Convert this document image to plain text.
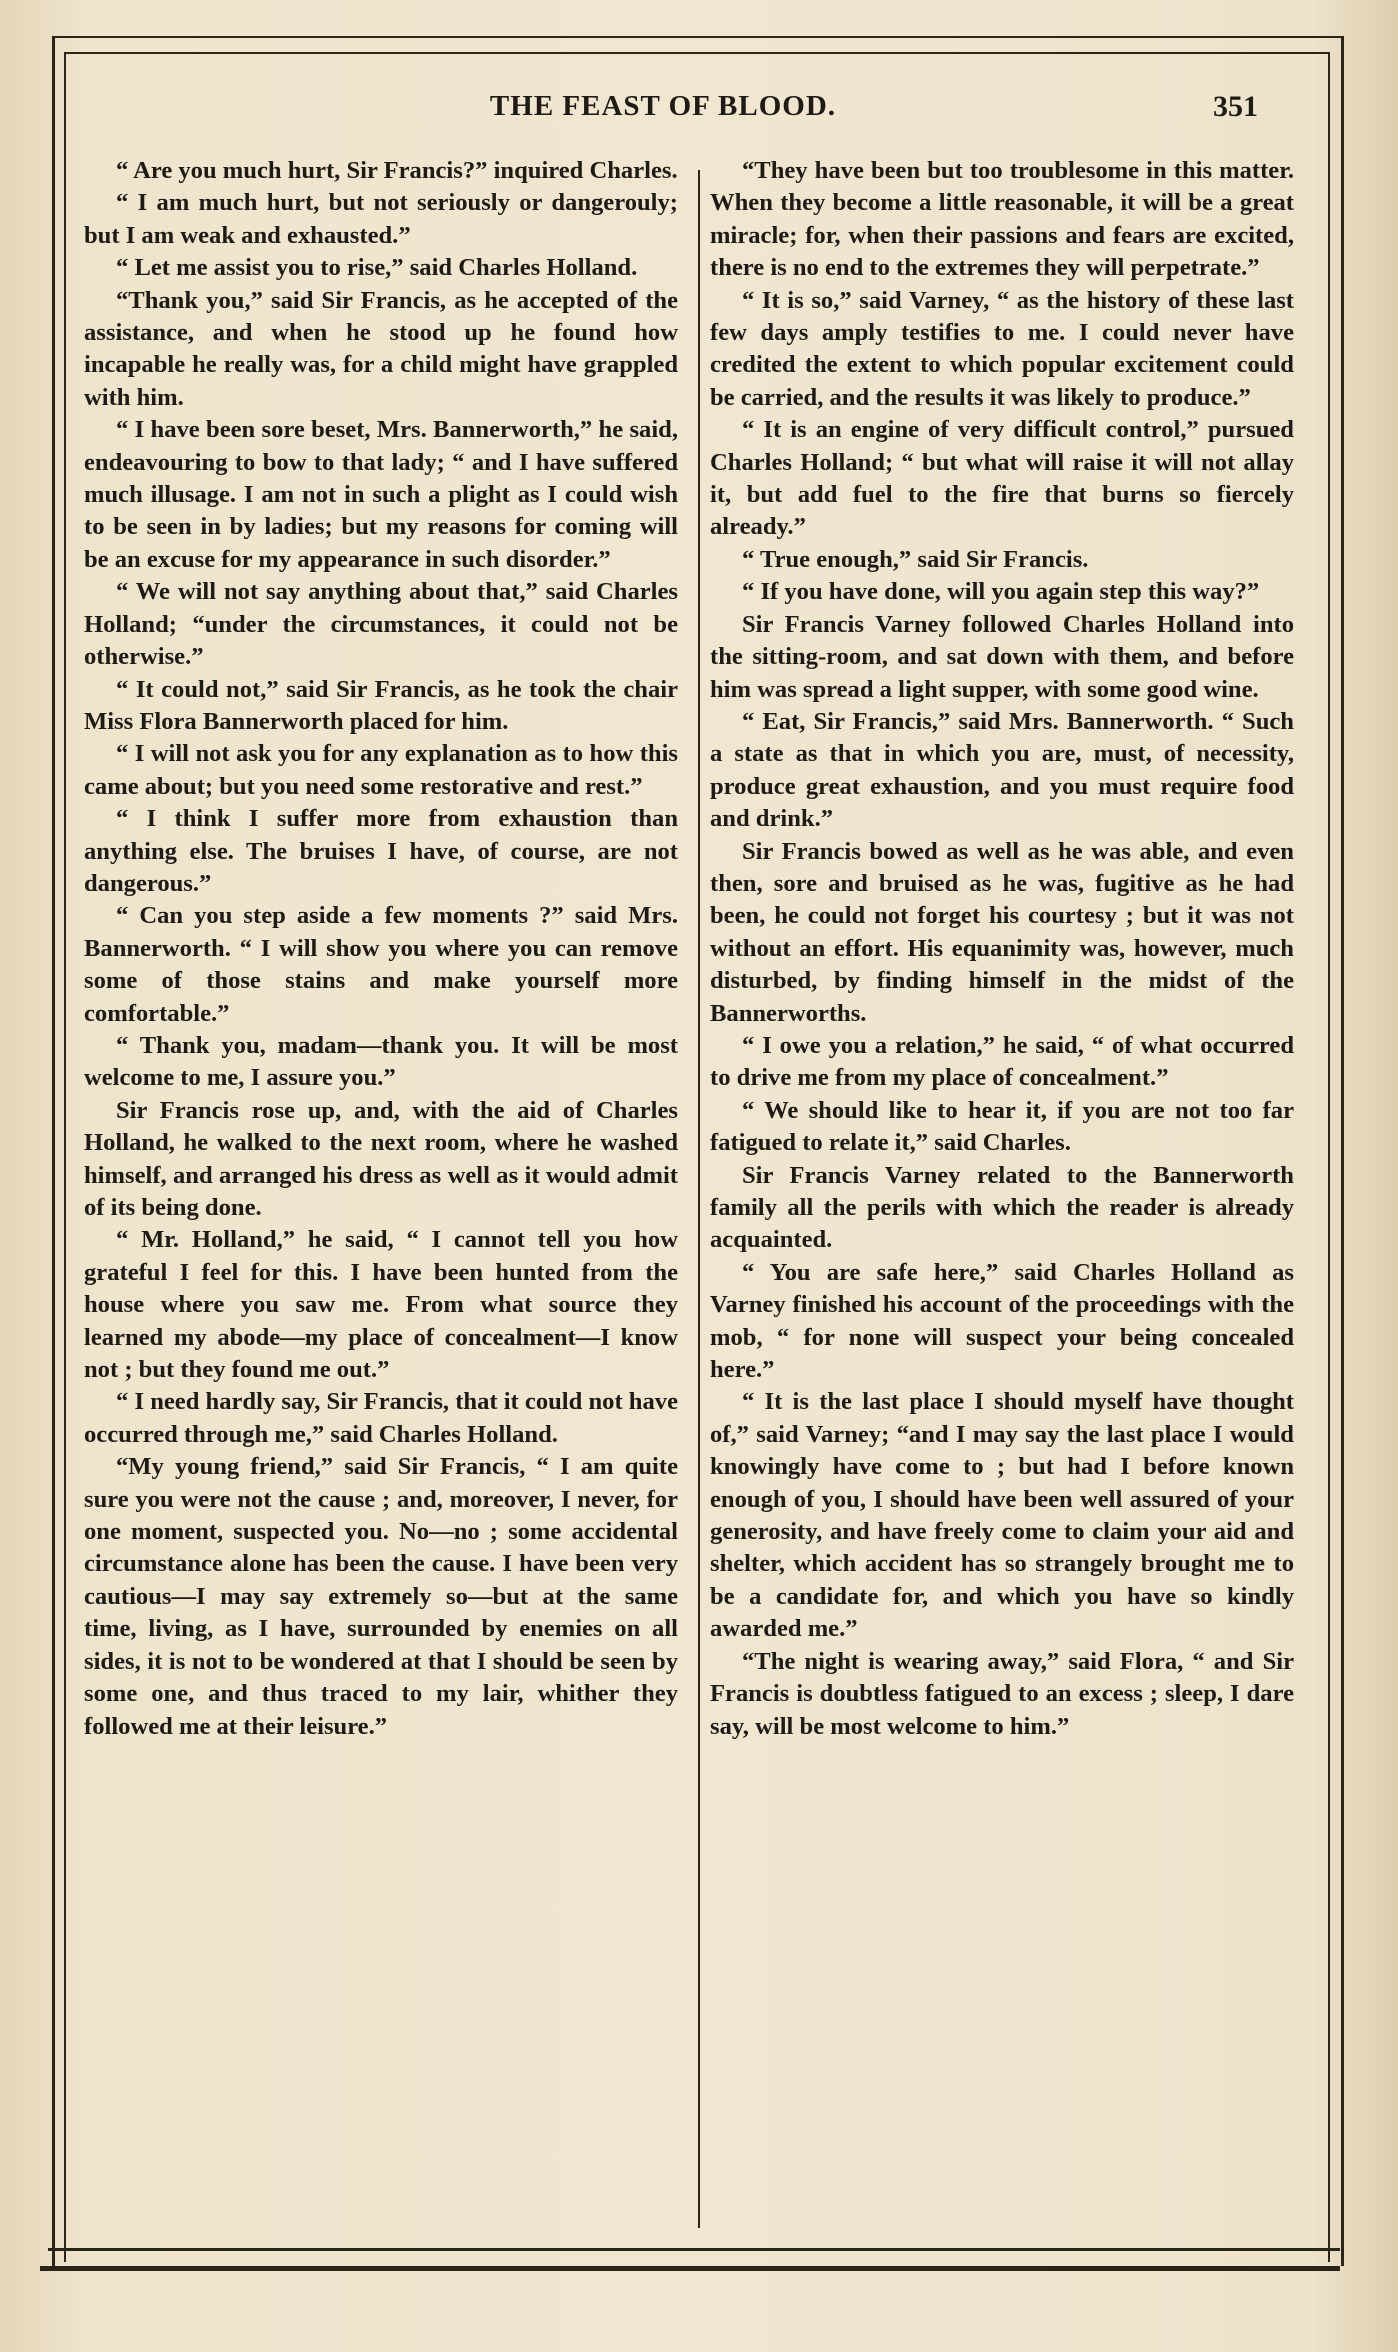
THE FEAST OF BLOOD.	351

“ Are you much hurt, Sir Francis?” inquired Charles.

“ I am much hurt, but not seriously or dangerouly; but I am weak and exhausted.”

“ Let me assist you to rise,” said Charles Holland.

“Thank you,” said Sir Francis, as he accepted of the assistance, and when he stood up he found how incapable he really was, for a child might have grappled with him.

“ I have been sore beset, Mrs. Bannerworth,” he said, endeavouring to bow to that lady; “ and I have suffered much illusage. I am not in such a plight as I could wish to be seen in by ladies; but my reasons for coming will be an excuse for my appearance in such disorder.”

“ We will not say anything about that,” said Charles Holland; “under the circumstances, it could not be otherwise.”

“ It could not,” said Sir Francis, as he took the chair Miss Flora Bannerworth placed for him.

“ I will not ask you for any explanation as to how this came about; but you need some restorative and rest.”

“ I think I suffer more from exhaustion than anything else. The bruises I have, of course, are not dangerous.”

“ Can you step aside a few moments ?” said Mrs. Bannerworth. “ I will show you where you can remove some of those stains and make yourself more comfortable.”

“ Thank you, madam—thank you. It will be most welcome to me, I assure you.”

Sir Francis rose up, and, with the aid of Charles Holland, he walked to the next room, where he washed himself, and arranged his dress as well as it would admit of its being done.

“ Mr. Holland,” he said, “ I cannot tell you how grateful I feel for this. I have been hunted from the house where you saw me. From what source they learned my abode—my place of concealment—I know not ; but they found me out.”

“ I need hardly say, Sir Francis, that it could not have occurred through me,” said Charles Holland.

“My young friend,” said Sir Francis, “ I am quite sure you were not the cause ; and, moreover, I never, for one moment, suspected you. No—no ; some accidental circumstance alone has been the cause. I have been very cautious—I may say extremely so—but at the same time, living, as I have, surrounded by enemies on all sides, it is not to be wondered at that I should be seen by some one, and thus traced to my lair, whither they followed me at their leisure.”

“They have been but too troublesome in this matter. When they become a little reasonable, it will be a great miracle; for, when their passions and fears are excited, there is no end to the extremes they will perpetrate.”

“ It is so,” said Varney, “ as the history of these last few days amply testifies to me. I could never have credited the extent to which popular excitement could be carried, and the results it was likely to produce.”

“ It is an engine of very difficult control,” pursued Charles Holland; “ but what will raise it will not allay it, but add fuel to the fire that burns so fiercely already.”

“ True enough,” said Sir Francis.

“ If you have done, will you again step this way?”

Sir Francis Varney followed Charles Holland into the sitting-room, and sat down with them, and before him was spread a light supper, with some good wine.

“ Eat, Sir Francis,” said Mrs. Bannerworth. “ Such a state as that in which you are, must, of necessity, produce great exhaustion, and you must require food and drink.”

Sir Francis bowed as well as he was able, and even then, sore and bruised as he was, fugitive as he had been, he could not forget his courtesy ; but it was not without an effort. His equanimity was, however, much disturbed, by finding himself in the midst of the Bannerworths.

“ I owe you a relation,” he said, “ of what occurred to drive me from my place of concealment.”

“ We should like to hear it, if you are not too far fatigued to relate it,” said Charles.

Sir Francis Varney related to the Bannerworth family all the perils with which the reader is already acquainted.

“ You are safe here,” said Charles Holland as Varney finished his account of the proceedings with the mob, “ for none will suspect your being concealed here.”

“ It is the last place I should myself have thought of,” said Varney; “and I may say the last place I would knowingly have come to ; but had I before known enough of you, I should have been well assured of your generosity, and have freely come to claim your aid and shelter, which accident has so strangely brought me to be a candidate for, and which you have so kindly awarded me.”

“The night is wearing away,” said Flora, “ and Sir Francis is doubtless fatigued to an excess ; sleep, I dare say, will be most welcome to him.”
